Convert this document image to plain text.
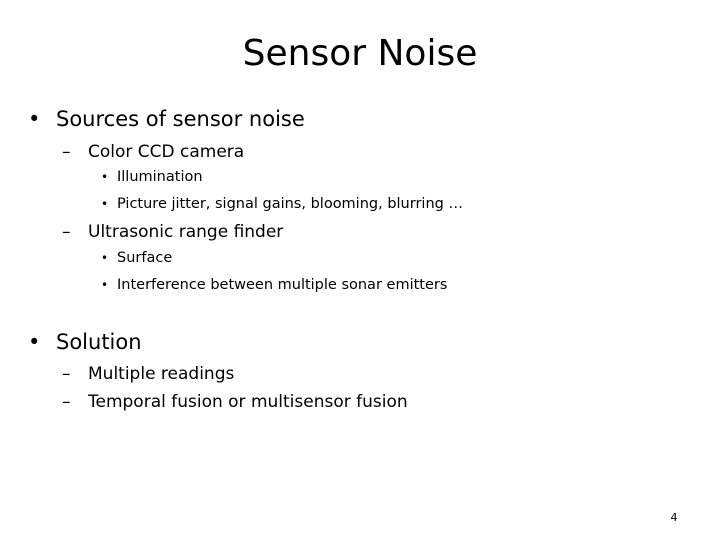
Sensor Noise
• Sources of sensor noise
– Color CCD camera
• Illumination
• Picture jitter, signal gains, blooming, blurring …
– Ultrasonic range finder
• Surface
• Interference between multiple sonar emitters
• Solution
– Multiple readings
– Temporal fusion or multisensor fusion
4
